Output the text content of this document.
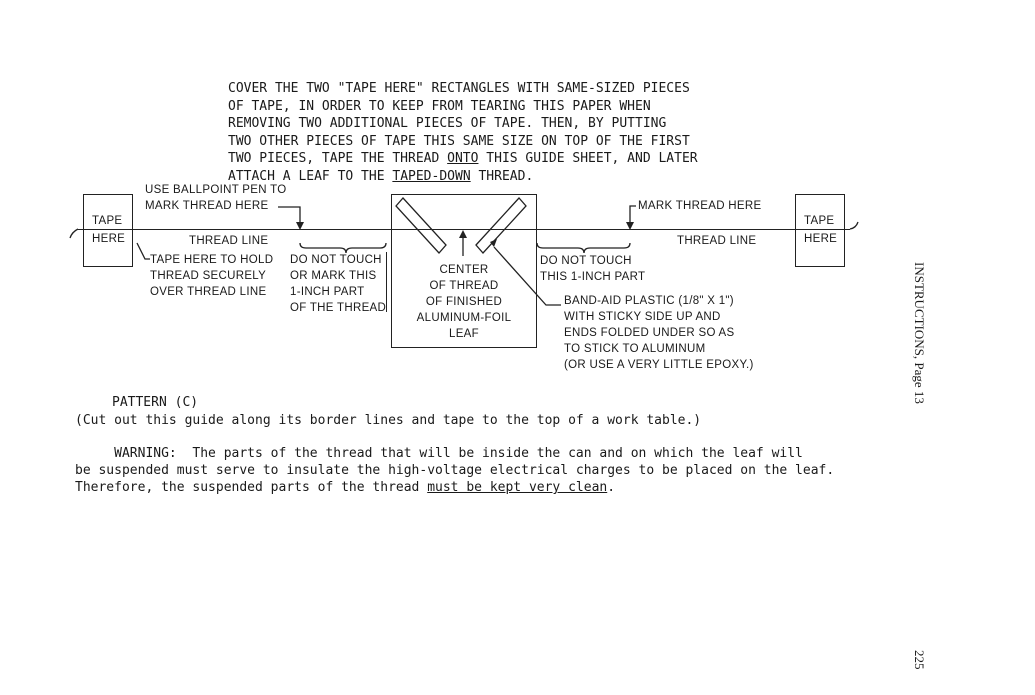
COVER THE TWO "TAPE HERE" RECTANGLES WITH SAME-SIZED PIECES
OF TAPE, IN ORDER TO KEEP FROM TEARING THIS PAPER WHEN
REMOVING TWO ADDITIONAL PIECES OF TAPE. THEN, BY PUTTING
TWO OTHER PIECES OF TAPE THIS SAME SIZE ON TOP OF THE FIRST
TWO PIECES, TAPE THE THREAD ONTO THIS GUIDE SHEET, AND LATER
ATTACH A LEAF TO THE TAPED-DOWN THREAD.
TAPE
HERE
TAPE
HERE
USE BALLPOINT PEN TO
MARK THREAD HERE	MARK THREAD HERE
THREAD LINE	THREAD LINE
TAPE HERE TO HOLD
THREAD SECURELY
OVER THREAD LINE
DO NOT TOUCH
OR MARK THIS
1-INCH PART
OF THE THREAD
DO NOT TOUCH
THIS 1-INCH PART
CENTER
OF THREAD
OF FINISHED
ALUMINUM-FOIL
LEAF
BAND-AID PLASTIC (1/8" X 1")
WITH STICKY SIDE UP AND
ENDS FOLDED UNDER SO AS
TO STICK TO ALUMINUM
(OR USE A VERY LITTLE EPOXY.)
PATTERN (C)
(Cut out this guide along its border lines and tape to the top of a work table.)
WARNING:  The parts of the thread that will be inside the can and on which the leaf will
be suspended must serve to insulate the high-voltage electrical charges to be placed on the leaf.
Therefore, the suspended parts of the thread must be kept very clean.
INSTRUCTIONS, Page 13
225
